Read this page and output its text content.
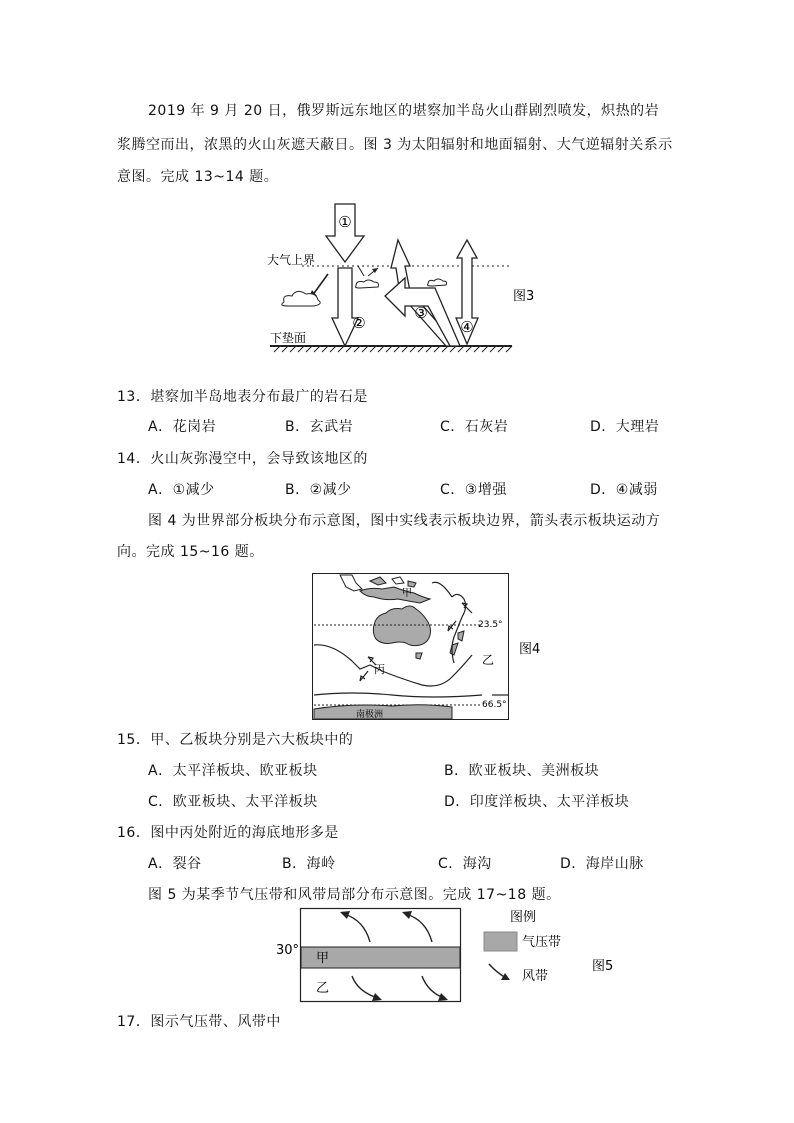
2019 年 9 月 20 日，俄罗斯远东地区的堪察加半岛火山群剧烈喷发，炽热的岩
浆腾空而出，浓黑的火山灰遮天蔽日。图 3 为太阳辐射和地面辐射、大气逆辐射关系示
意图。完成 13~14 题。
①
②
③
④
大气上界
下垫面
图3
13．堪察加半岛地表分布最广的岩石是
A．花岗岩	B．玄武岩	C．石灰岩	D．大理岩
14．火山灰弥漫空中，会导致该地区的
A．①减少	B．②减少	C．③增强	D．④减弱
图 4 为世界部分板块分布示意图，图中实线表示板块边界，箭头表示板块运动方
向。完成 15~16 题。
23.5°
66.5°
甲
乙
丙
南极洲
图4
15．甲、乙板块分别是六大板块中的
A．太平洋板块、欧亚板块	B．欧亚板块、美洲板块
C．欧亚板块、太平洋板块	D．印度洋板块、太平洋板块
16．图中丙处附近的海底地形多是
A．裂谷	B．海岭	C．海沟	D．海岸山脉
图 5 为某季节气压带和风带局部分布示意图。完成 17~18 题。
30°
甲
乙
图例
气压带
风带
图5
17．图示气压带、风带中
